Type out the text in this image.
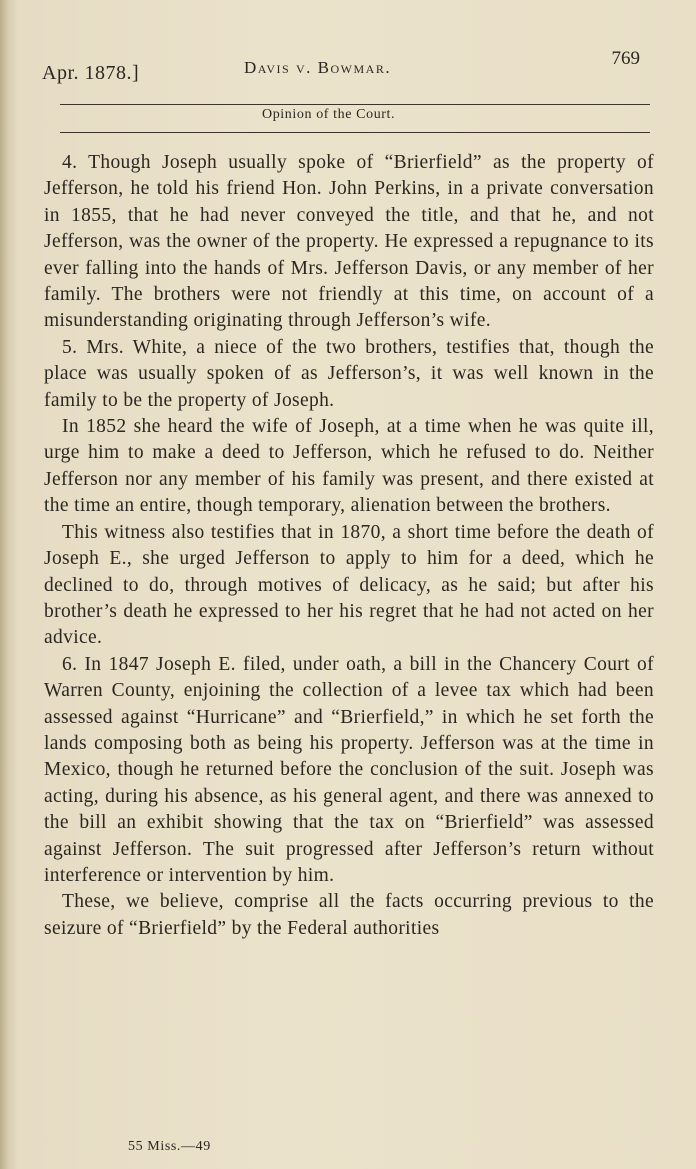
Apr. 1878.]	Davis v. Bowmar.	769
Opinion of the Court.

4. Though Joseph usually spoke of “Brierfield” as the property of Jefferson, he told his friend Hon. John Perkins, in a private conversation in 1855, that he had never conveyed the title, and that he, and not Jefferson, was the owner of the property. He expressed a repugnance to its ever falling into the hands of Mrs. Jefferson Davis, or any member of her family. The brothers were not friendly at this time, on account of a misunderstanding originating through Jefferson’s wife.

5. Mrs. White, a niece of the two brothers, testifies that, though the place was usually spoken of as Jefferson’s, it was well known in the family to be the property of Joseph.

In 1852 she heard the wife of Joseph, at a time when he was quite ill, urge him to make a deed to Jefferson, which he refused to do. Neither Jefferson nor any member of his family was present, and there existed at the time an entire, though temporary, alienation between the brothers.

This witness also testifies that in 1870, a short time before the death of Joseph E., she urged Jefferson to apply to him for a deed, which he declined to do, through motives of delicacy, as he said; but after his brother’s death he expressed to her his regret that he had not acted on her advice.

6. In 1847 Joseph E. filed, under oath, a bill in the Chancery Court of Warren County, enjoining the collection of a levee tax which had been assessed against “Hurricane” and “Brierfield,” in which he set forth the lands composing both as being his property. Jefferson was at the time in Mexico, though he returned before the conclusion of the suit. Joseph was acting, during his absence, as his general agent, and there was annexed to the bill an exhibit showing that the tax on “Brierfield” was assessed against Jefferson. The suit progressed after Jefferson’s return without interference or intervention by him.

These, we believe, comprise all the facts occurring previous to the seizure of “Brierfield” by the Federal authorities

55 Miss.—49
